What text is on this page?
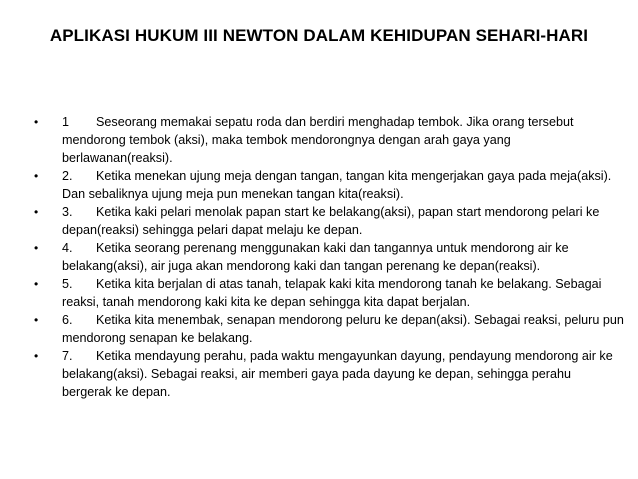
APLIKASI HUKUM III NEWTON DALAM KEHIDUPAN SEHARI-HARI
•	1 Seseorang memakai sepatu roda dan berdiri menghadap tembok. Jika orang tersebut mendorong tembok (aksi), maka tembok mendorongnya dengan arah gaya yang berlawanan(reaksi).
•	2. Ketika menekan ujung meja dengan tangan, tangan kita mengerjakan gaya pada meja(aksi). Dan sebaliknya ujung meja pun menekan tangan kita(reaksi).
•	3. Ketika kaki pelari menolak papan start ke belakang(aksi), papan start mendorong pelari ke depan(reaksi) sehingga pelari dapat melaju ke depan.
•	4. Ketika seorang perenang menggunakan kaki dan tangannya untuk mendorong air ke belakang(aksi), air juga akan mendorong kaki dan tangan perenang ke depan(reaksi).
•	5. Ketika kita berjalan di atas tanah, telapak kaki kita mendorong tanah ke belakang. Sebagai reaksi, tanah mendorong kaki kita ke depan sehingga kita dapat berjalan.
•	6. Ketika kita menembak, senapan mendorong peluru ke depan(aksi). Sebagai reaksi, peluru pun mendorong senapan ke belakang.
•	7. Ketika mendayung perahu, pada waktu mengayunkan dayung, pendayung mendorong air ke belakang(aksi). Sebagai reaksi, air memberi gaya pada dayung ke depan, sehingga perahu bergerak ke depan.
